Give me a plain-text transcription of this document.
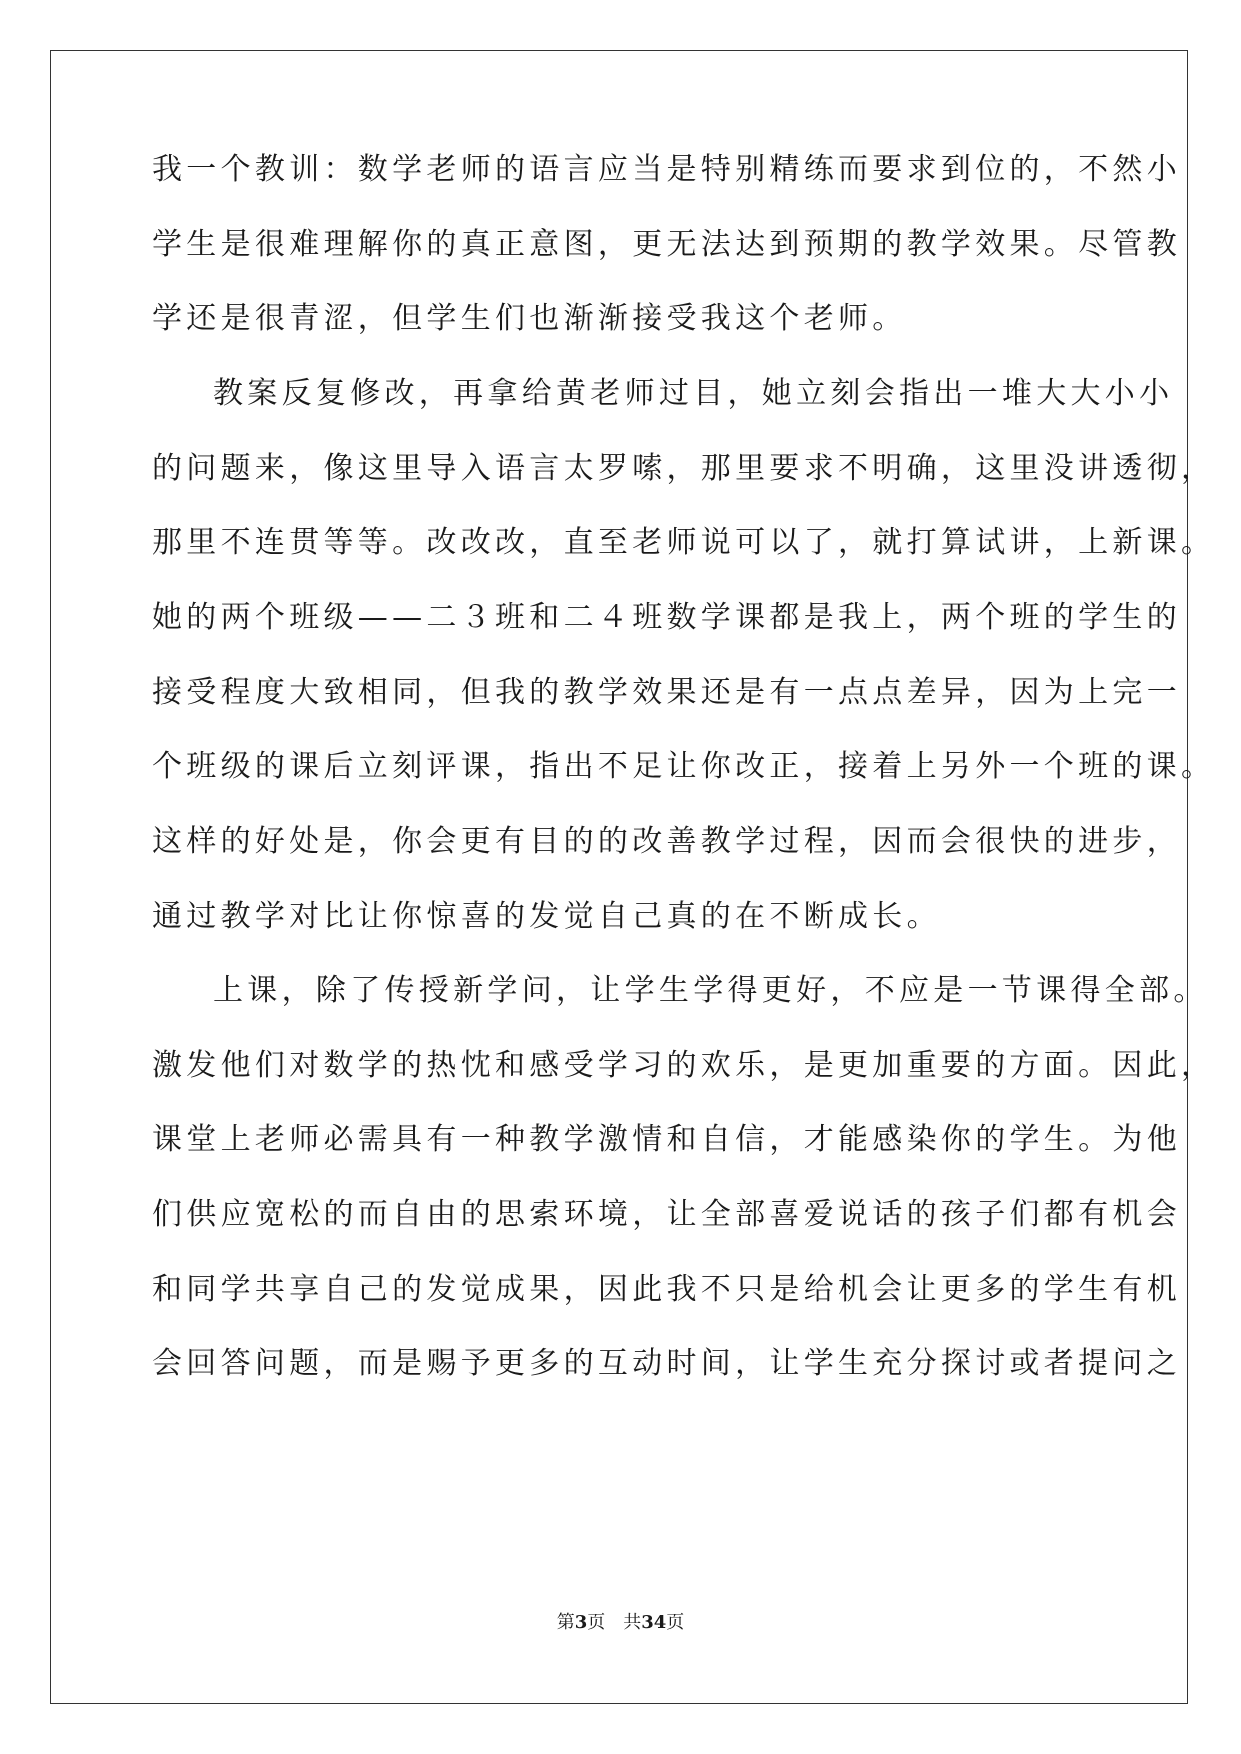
我一个教训：数学老师的语言应当是特别精练而要求到位的，不然小
学生是很难理解你的真正意图，更无法达到预期的教学效果。尽管教
学还是很青涩，但学生们也渐渐接受我这个老师。
教案反复修改，再拿给黄老师过目，她立刻会指出一堆大大小小
的问题来，像这里导入语言太罗嗦，那里要求不明确，这里没讲透彻，
那里不连贯等等。改改改，直至老师说可以了，就打算试讲，上新课。
她的两个班级——二３班和二４班数学课都是我上，两个班的学生的
接受程度大致相同，但我的教学效果还是有一点点差异，因为上完一
个班级的课后立刻评课，指出不足让你改正，接着上另外一个班的课。
这样的好处是，你会更有目的的改善教学过程，因而会很快的进步，
通过教学对比让你惊喜的发觉自己真的在不断成长。
上课，除了传授新学问，让学生学得更好，不应是一节课得全部。
激发他们对数学的热忱和感受学习的欢乐，是更加重要的方面。因此，
课堂上老师必需具有一种教学激情和自信，才能感染你的学生。为他
们供应宽松的而自由的思索环境，让全部喜爱说话的孩子们都有机会
和同学共享自己的发觉成果，因此我不只是给机会让更多的学生有机
会回答问题，而是赐予更多的互动时间，让学生充分探讨或者提问之
第3页 共34页
